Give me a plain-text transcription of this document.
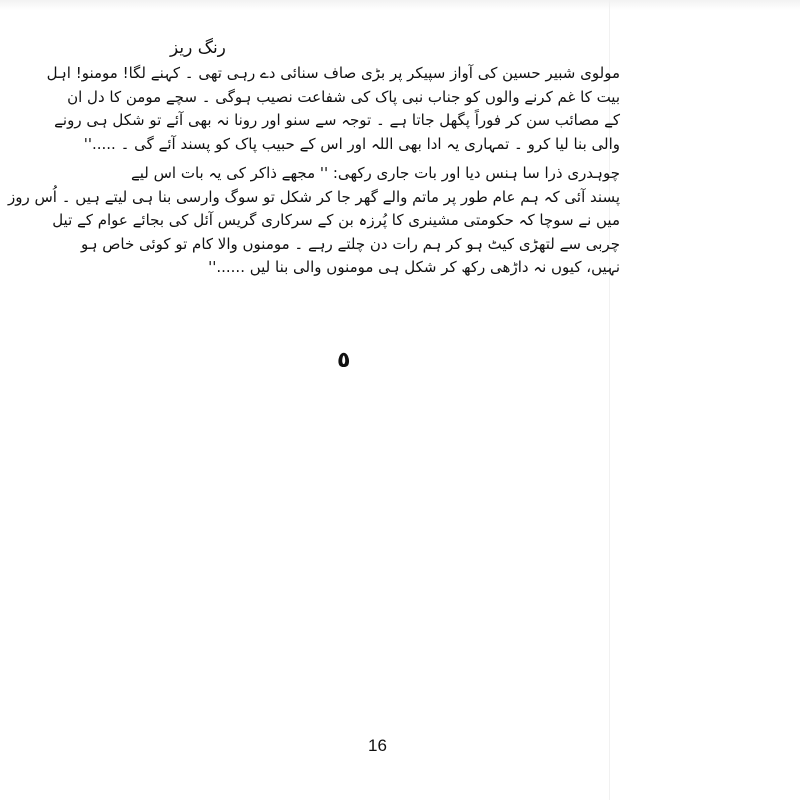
رنگ ریز
مولوی شبیر حسین کی آواز سپیکر پر بڑی صاف سنائی دے رہی تھی ۔ کہنے لگا! مومنو! اہل
بیت کا غم کرنے والوں کو جناب نبی پاک کی شفاعت نصیب ہوگی ۔ سچے مومن کا دل ان
کے مصائب سن کر فوراً پگھل جاتا ہے ۔ توجہ سے سنو اور رونا نہ بھی آئے تو شکل ہی رونے
والی بنا لیا کرو ۔ تمہاری یہ ادا بھی اللہ اور اس کے حبیب پاک کو پسند آئے گی ۔ .....''
چوہدری ذرا سا ہنس دیا اور بات جاری رکھی: '' مجھے ذاکر کی یہ بات اس لیے
پسند آئی کہ ہم عام طور پر ماتم والے گھر جا کر شکل تو سوگ وارسی بنا ہی لیتے ہیں ۔ اُس روز
میں نے سوچا کہ حکومتی مشینری کا پُرزہ بن کے سرکاری گریس آئل کی بجائے عوام کے تیل
چربی سے لتھڑی کیٹ ہو کر ہم رات دن چلتے رہے ۔ مومنوں والا کام تو کوئی خاص ہو
نہیں، کیوں نہ داڑھی رکھ کر شکل ہی مومنوں والی بنا لیں ......''
٥
16
